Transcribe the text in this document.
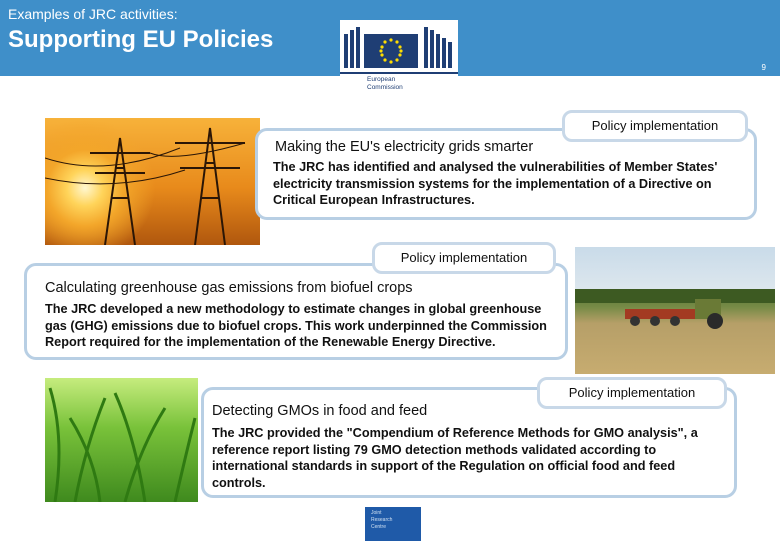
Examples of JRC activities:
Supporting EU Policies
9
European
Commission
Making the EU's electricity grids smarter
The JRC has identified and analysed the vulnerabilities of Member States' electricity transmission systems for the implementation of a Directive on Critical European Infrastructures.
Policy implementation
Calculating greenhouse gas emissions from biofuel crops
The JRC developed a new methodology to estimate changes in global greenhouse gas (GHG) emissions due to biofuel crops. This work underpinned the Commission Report required for the implementation of the Renewable Energy Directive.
Policy implementation
Detecting GMOs in food and feed
The JRC provided the "Compendium of Reference Methods for GMO analysis", a reference report listing 79 GMO detection methods validated according to international standards in support of the Regulation on official food and feed controls.
Policy implementation
Joint
Research
Centre
